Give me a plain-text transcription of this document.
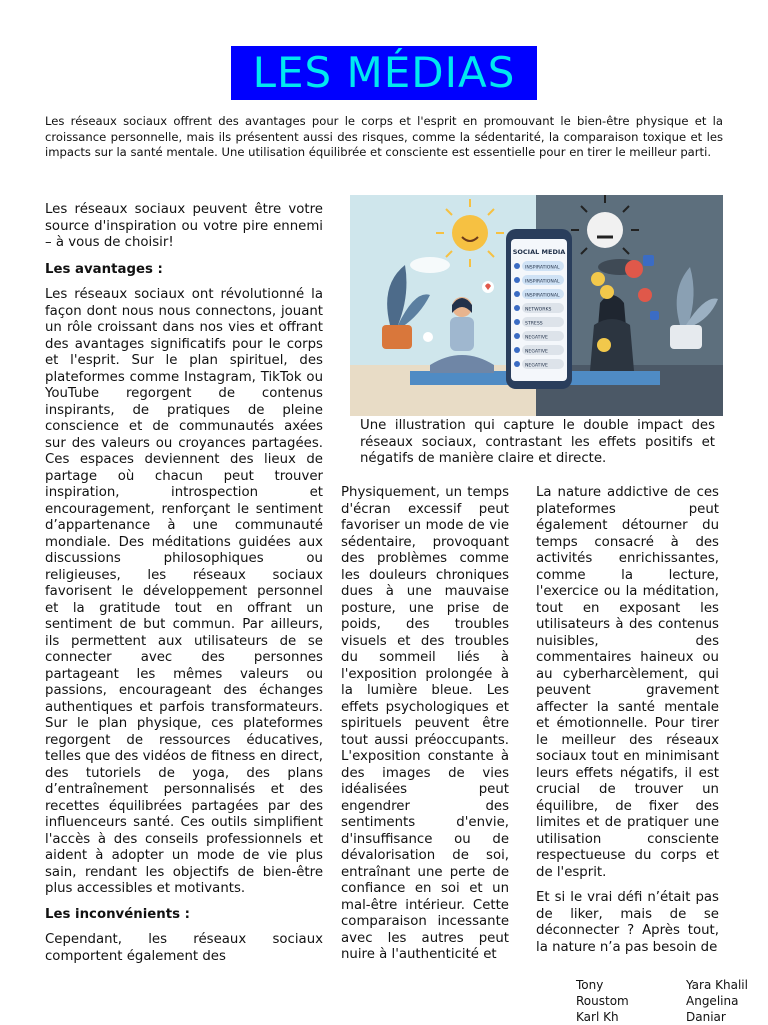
LES MÉDIAS

Les réseaux sociaux offrent des avantages pour le corps et l'esprit en promouvant le bien-être physique et la croissance personnelle, mais ils présentent aussi des risques, comme la sédentarité, la comparaison toxique et les impacts sur la santé mentale. Une utilisation équilibrée et consciente est essentielle pour en tirer le meilleur parti.

Les réseaux sociaux peuvent être votre source d'inspiration ou votre pire ennemi – à vous de choisir!

Les avantages :

Les réseaux sociaux ont révolutionné la façon dont nous nous connectons, jouant un rôle croissant dans nos vies et offrant des avantages significatifs pour le corps et l'esprit. Sur le plan spirituel, des plateformes comme Instagram, TikTok ou YouTube regorgent de contenus inspirants, de pratiques de pleine conscience et de communautés axées sur des valeurs ou croyances partagées. Ces espaces deviennent des lieux de partage où chacun peut trouver inspiration, introspection et encouragement, renforçant le sentiment d’appartenance à une communauté mondiale. Des méditations guidées aux discussions philosophiques ou religieuses, les réseaux sociaux favorisent le développement personnel et la gratitude tout en offrant un sentiment de but commun. Par ailleurs, ils permettent aux utilisateurs de se connecter avec des personnes partageant les mêmes valeurs ou passions, encourageant des échanges authentiques et parfois transformateurs. Sur le plan physique, ces plateformes regorgent de ressources éducatives, telles que des vidéos de fitness en direct, des tutoriels de yoga, des plans d’entraînement personnalisés et des recettes équilibrées partagées par des influenceurs santé. Ces outils simplifient l'accès à des conseils professionnels et aident à adopter un mode de vie plus sain, rendant les objectifs de bien-être plus accessibles et motivants.

Les inconvénients :

Cependant, les réseaux sociaux comportent également des

SOCIAL MEDIA
INSPIRATIONAL
INSPIRATIONAL
INSPIRATIONAL
NETWORKS
STRESS
NEGATIVE
NEGATIVE
NEGATIVE

Une illustration qui capture le double impact des réseaux sociaux, contrastant les effets positifs et négatifs de manière claire et directe.

Physiquement, un temps d'écran excessif peut favoriser un mode de vie sédentaire, provoquant des problèmes comme les douleurs chroniques dues à une mauvaise posture, une prise de poids, des troubles visuels et des troubles du sommeil liés à l'exposition prolongée à la lumière bleue. Les effets psychologiques et spirituels peuvent être tout aussi préoccupants. L'exposition constante à des images de vies idéalisées peut engendrer des sentiments d'envie, d'insuffisance ou de dévalorisation de soi, entraînant une perte de confiance en soi et un mal-être intérieur. Cette comparaison incessante avec les autres peut nuire à l'authenticité et

La nature addictive de ces plateformes peut également détourner du temps consacré à des activités enrichissantes, comme la lecture, l'exercice ou la méditation, tout en exposant les utilisateurs à des contenus nuisibles, des commentaires haineux ou au cyberharcèlement, qui peuvent gravement affecter la santé mentale et émotionnelle. Pour tirer le meilleur des réseaux sociaux tout en minimisant leurs effets négatifs, il est crucial de trouver un équilibre, de fixer des limites et de pratiquer une utilisation consciente respectueuse du corps et de l'esprit.

Et si le vrai défi n’était pas de liker, mais de se déconnecter ? Après tout, la nature n’a pas besoin de

Tony
Roustom
Karl Kh
Yara Khalil
Angelina
Daniar
